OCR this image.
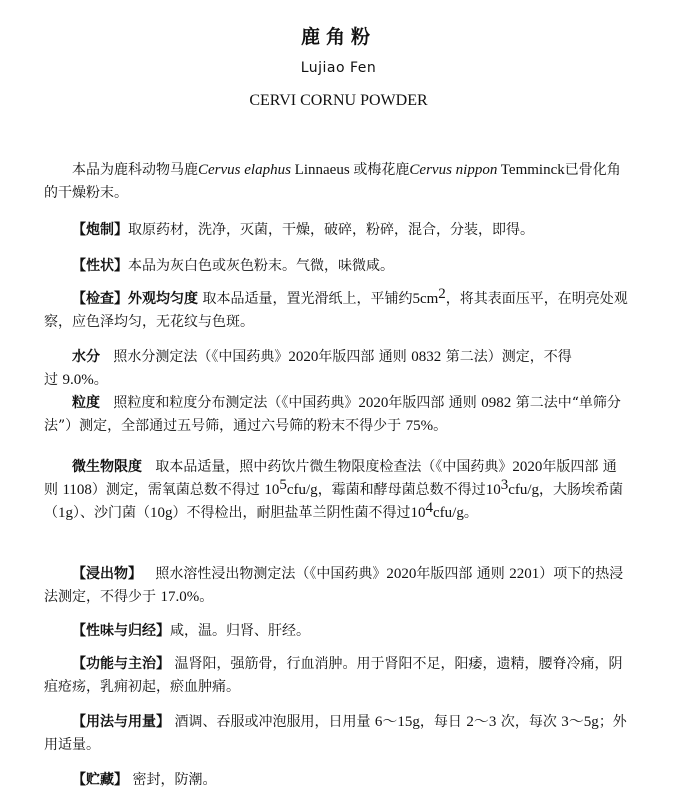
鹿角粉
Lujiao Fen
CERVI CORNU POWDER

本品为鹿科动物马鹿Cervus elaphus Linnaeus 或梅花鹿Cervus nippon Temminck已骨化角的干燥粉末。

【炮制】取原药材，洗净，灭菌，干燥，破碎，粉碎，混合，分装，即得。

【性状】本品为灰白色或灰色粉末。气微，味微咸。

【检查】外观均匀度 取本品适量，置光滑纸上，平铺约$5cm^2$，将其表面压平，在明亮处观察，应色泽均匀，无花纹与色斑。

水分 照水分测定法（《中国药典》2020年版四部 通则 0832 第二法）测定，不得过 9.0%。

粒度 照粒度和粒度分布测定法（《中国药典》2020年版四部 通则 0982 第二法中“单筛分法”）测定，全部通过五号筛，通过六号筛的粉末不得少于 75%。

微生物限度 取本品适量，照中药饮片微生物限度检查法（《中国药典》2020年版四部 通则 1108）测定，需氧菌总数不得过 $10^5cfu/g$，霉菌和酵母菌总数不得过$10^3cfu/g$，大肠埃希菌（1g）、沙门菌（10g）不得检出，耐胆盐革兰阴性菌不得过$10^4cfu/g$。

【浸出物】 照水溶性浸出物测定法（《中国药典》2020年版四部 通则 2201）项下的热浸法测定，不得少于 17.0%。

【性味与归经】咸，温。归肾、肝经。

【功能与主治】 温肾阳，强筋骨，行血消肿。用于肾阳不足，阳痿，遗精，腰脊冷痛，阴疽疮疡，乳痈初起，瘀血肿痛。

【用法与用量】 酒调、吞服或冲泡服用，日用量 6～15g，每日 2～3 次，每次 3～5g；外用适量。

【贮藏】 密封，防潮。
